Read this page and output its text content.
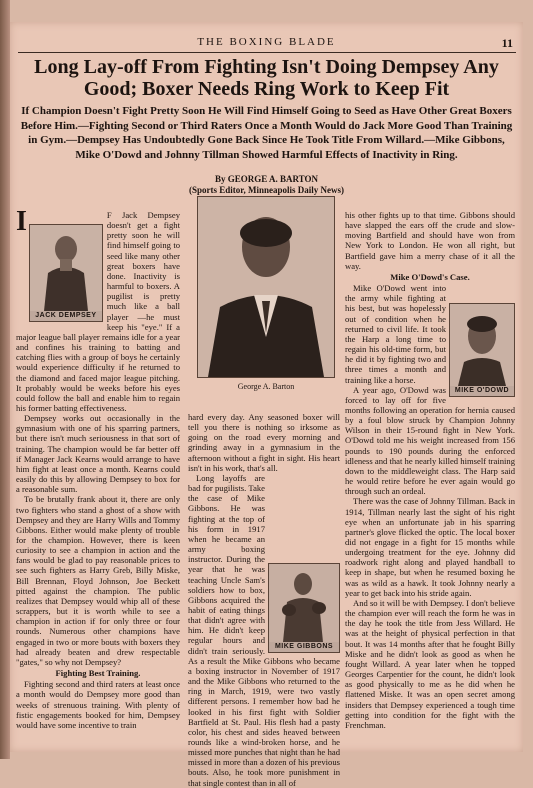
THE BOXING BLADE	11
Long Lay-off From Fighting Isn't Doing Dempsey Any Good; Boxer Needs Ring Work to Keep Fit
If Champion Doesn't Fight Pretty Soon He Will Find Himself Going to Seed as Have Other Great Boxers Before Him.—Fighting Second or Third Raters Once a Month Would do Jack More Good Than Training in Gym.—Dempsey Has Undoubtedly Gone Back Since He Took Title From Willard.—Mike Gibbons, Mike O'Dowd and Johnny Tillman Showed Harmful Effects of Inactivity in Ring.
By GEORGE A. BARTON
(Sports Editor, Minneapolis Daily News)
I
JACK DEMPSEY

F Jack Dempsey doesn't get a fight pretty soon he will find himself going to seed like many other great boxers have done. Inactivity is harmful to boxers. A pugilist is pretty much like a ball player —he must keep his "eye." If a major league ball player remains idle for a year and confines his training to batting and catching flies with a group of boys he certainly would experience difficulty if he returned to the diamond and faced major league pitching. It probably would be weeks before his eyes could follow the ball and enable him to regain his former batting effectiveness.

Dempsey works out occasionally in the gymnasium with one of his sparring partners, but there isn't much seriousness in that sort of training. The champion would be far better off if Manager Jack Kearns would arrange to have him fight at least once a month. Kearns could easily do this by allowing Dempsey to box for a reasonable sum.

To be brutally frank about it, there are only two fighters who stand a ghost of a show with Dempsey and they are Harry Wills and Tommy Gibbons. Either would make plenty of trouble for the champion. However, there is keen curiosity to see a champion in action and the fans would be glad to pay reasonable prices to see such fighters as Harry Greb, Billy Miske, Bill Brennan, Floyd Johnson, Joe Beckett pitted against the champion. The public realizes that Dempsey would whip all of these scrappers, but it is worth while to see a champion in action if for only three or four rounds. Numerous other champions have engaged in two or more bouts with boxers they had already beaten and drew respectable "gates," so why not Dempsey?

Fighting Best Training.

Fighting second and third raters at least once a month would do Dempsey more good than weeks of strenuous training. With plenty of fistic engagements booked for him, Dempsey would have some incentive to train

George A. Barton

hard every day. Any seasoned boxer will tell you there is nothing so irksome as going on the road every morning and grinding away in a gymnasium in the afternoon without a fight in sight. His heart isn't in his work, that's all.

MIKE GIBBONS

Long layoffs are bad for pugilists. Take the case of Mike Gibbons. He was fighting at the top of his form in 1917 when he became an army boxing instructor. During the year that he was teaching Uncle Sam's soldiers how to box, Gibbons acquired the habit of eating things that didn't agree with him. He didn't keep regular hours and didn't train seriously. As a result the Mike Gibbons who became a boxing instructor in November of 1917 and the Mike Gibbons who returned to the ring in March, 1919, were two vastly different persons. I remember how bad he looked in his first fight with Soldier Bartfield at St. Paul. His flesh had a pasty color, his chest and sides heaved between rounds like a wind-broken horse, and he missed more punches that night than he had missed in more than a dozen of his previous bouts. Also, he took more punishment in that single contest than in all of

his other fights up to that time. Gibbons should have slapped the ears off the crude and slow-moving Bartfield and should have won from New York to London. He won all right, but Bartfield gave him a merry chase of it all the way.

Mike O'Dowd's Case.

MIKE O'DOWD

Mike O'Dowd went into the army while fighting at his best, but was hopelessly out of condition when he returned to civil life. It took the Harp a long time to regain his old-time form, but he did it by fighting two and three times a month and training like a horse.

A year ago, O'Dowd was forced to lay off for five months following an operation for hernia caused by a foul blow struck by Champion Johnny Wilson in their 15-round fight in New York. O'Dowd told me his weight increased from 156 pounds to 190 pounds during the enforced idleness and that he nearly killed himself training down to the middleweight class. The Harp said he would retire before he ever again would go through such an ordeal.

There was the case of Johnny Tillman. Back in 1914, Tillman nearly last the sight of his right eye when an unfortunate jab in his sparring partner's glove flicked the optic. The local boxer did not engage in a fight for 15 months while undergoing treatment for the eye. Johnny did roadwork right along and played handball to keep in shape, but when he resumed boxing he was as wild as a hawk. It took Johnny nearly a year to get back into his stride again.

And so it will be with Dempsey. I don't believe the champion ever will reach the form he was in the day he took the title from Jess Willard. He was at the height of physical perfection in that bout. It was 14 months after that he fought Billy Miske and he didn't look as good as when he fought Willard. A year later when he topped Georges Carpentier for the count, he didn't look as good physically to me as he did when he flattened Miske. It was an open secret among insiders that Dempsey experienced a tough time getting into condition for the fight with the Frenchman.
